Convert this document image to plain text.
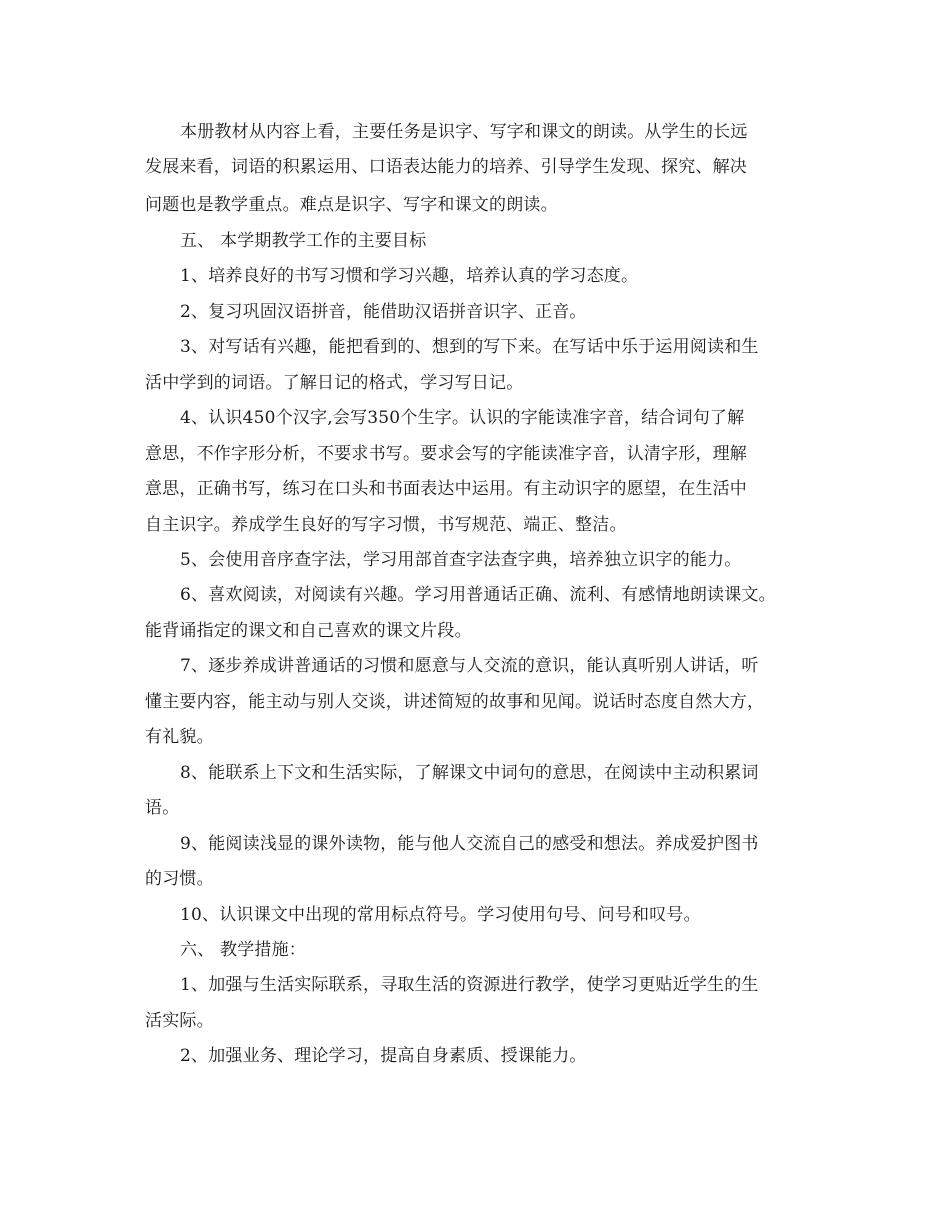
本册教材从内容上看，主要任务是识字、写字和课文的朗读。从学生的长远

发展来看，词语的积累运用、口语表达能力的培养、引导学生发现、探究、解决

问题也是教学重点。难点是识字、写字和课文的朗读。

五、 本学期教学工作的主要目标

1、培养良好的书写习惯和学习兴趣，培养认真的学习态度。

2、复习巩固汉语拼音，能借助汉语拼音识字、正音。

3、对写话有兴趣，能把看到的、想到的写下来。在写话中乐于运用阅读和生

活中学到的词语。了解日记的格式，学习写日记。

4、认识450个汉字,会写350个生字。认识的字能读准字音，结合词句了解

意思，不作字形分析，不要求书写。要求会写的字能读准字音，认清字形，理解

意思，正确书写，练习在口头和书面表达中运用。有主动识字的愿望，在生活中

自主识字。养成学生良好的写字习惯，书写规范、端正、整洁。

5、会使用音序查字法，学习用部首查字法查字典，培养独立识字的能力。

6、喜欢阅读，对阅读有兴趣。学习用普通话正确、流利、有感情地朗读课文。

能背诵指定的课文和自己喜欢的课文片段。

7、逐步养成讲普通话的习惯和愿意与人交流的意识，能认真听别人讲话，听

懂主要内容，能主动与别人交谈，讲述简短的故事和见闻。说话时态度自然大方，

有礼貌。

8、能联系上下文和生活实际，了解课文中词句的意思，在阅读中主动积累词

语。

9、能阅读浅显的课外读物，能与他人交流自己的感受和想法。养成爱护图书

的习惯。

10、认识课文中出现的常用标点符号。学习使用句号、问号和叹号。

六、 教学措施：

1、加强与生活实际联系，寻取生活的资源进行教学，使学习更贴近学生的生

活实际。

2、加强业务、理论学习，提高自身素质、授课能力。
